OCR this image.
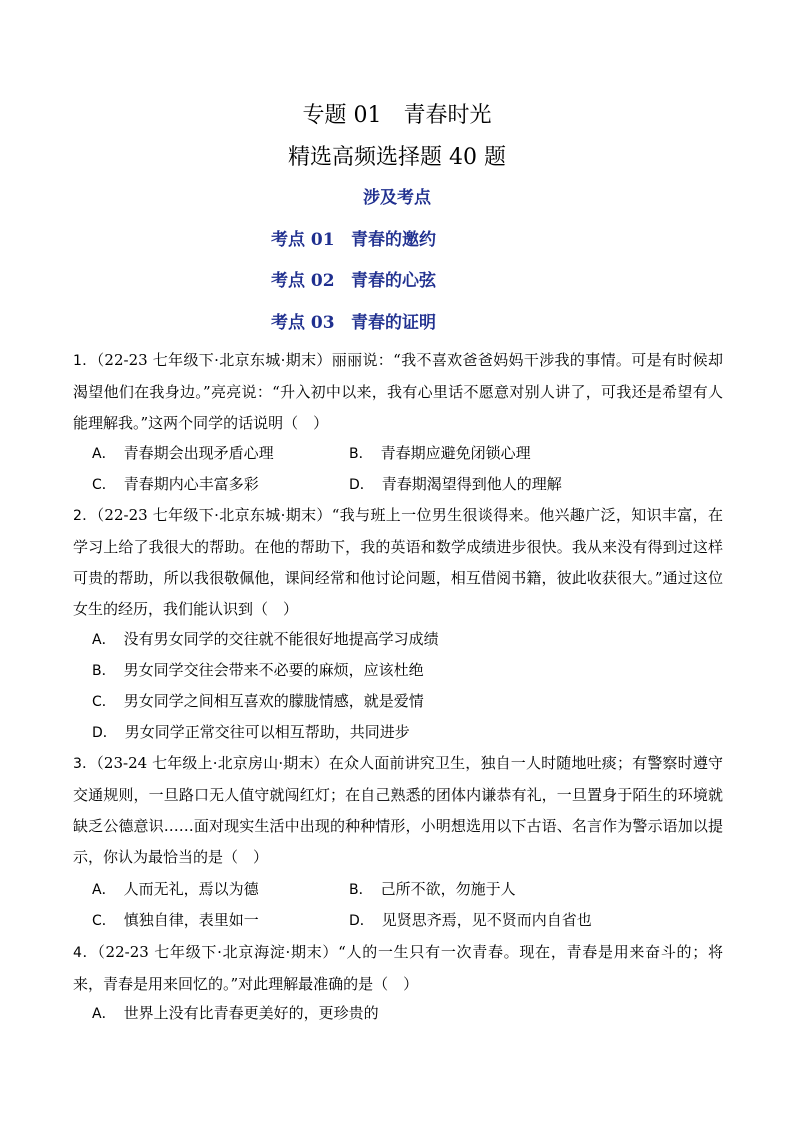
专题 01　青春时光
精选高频选择题 40 题
涉及考点
考点 01 青春的邀约
考点 02 青春的心弦
考点 03 青春的证明
1．（22-23 七年级下·北京东城·期末）丽丽说：“我不喜欢爸爸妈妈干涉我的事情。可是有时候却渴望他们在我身边。”亮亮说：“升入初中以来，我有心里话不愿意对别人讲了，可我还是希望有人能理解我。”这两个同学的话说明（　）
A． 青春期会出现矛盾心理	B． 青春期应避免闭锁心理
C． 青春期内心丰富多彩	D． 青春期渴望得到他人的理解
2．（22-23 七年级下·北京东城·期末）“我与班上一位男生很谈得来。他兴趣广泛，知识丰富，在学习上给了我很大的帮助。在他的帮助下，我的英语和数学成绩进步很快。我从来没有得到过这样可贵的帮助，所以我很敬佩他，课间经常和他讨论问题，相互借阅书籍，彼此收获很大。”通过这位女生的经历，我们能认识到（　）
A． 没有男女同学的交往就不能很好地提高学习成绩
B． 男女同学交往会带来不必要的麻烦，应该杜绝
C． 男女同学之间相互喜欢的朦胧情感，就是爱情
D． 男女同学正常交往可以相互帮助，共同进步
3．（23-24 七年级上·北京房山·期末）在众人面前讲究卫生，独自一人时随地吐痰；有警察时遵守交通规则，一旦路口无人值守就闯红灯；在自己熟悉的团体内谦恭有礼，一旦置身于陌生的环境就缺乏公德意识……面对现实生活中出现的种种情形，小明想选用以下古语、名言作为警示语加以提示，你认为最恰当的是（　）
A． 人而无礼，焉以为德	B． 己所不欲，勿施于人
C． 慎独自律，表里如一	D． 见贤思齐焉，见不贤而内自省也
4．（22-23 七年级下·北京海淀·期末）“人的一生只有一次青春。现在，青春是用来奋斗的；将来，青春是用来回忆的。”对此理解最准确的是（　）
A． 世界上没有比青春更美好的，更珍贵的
